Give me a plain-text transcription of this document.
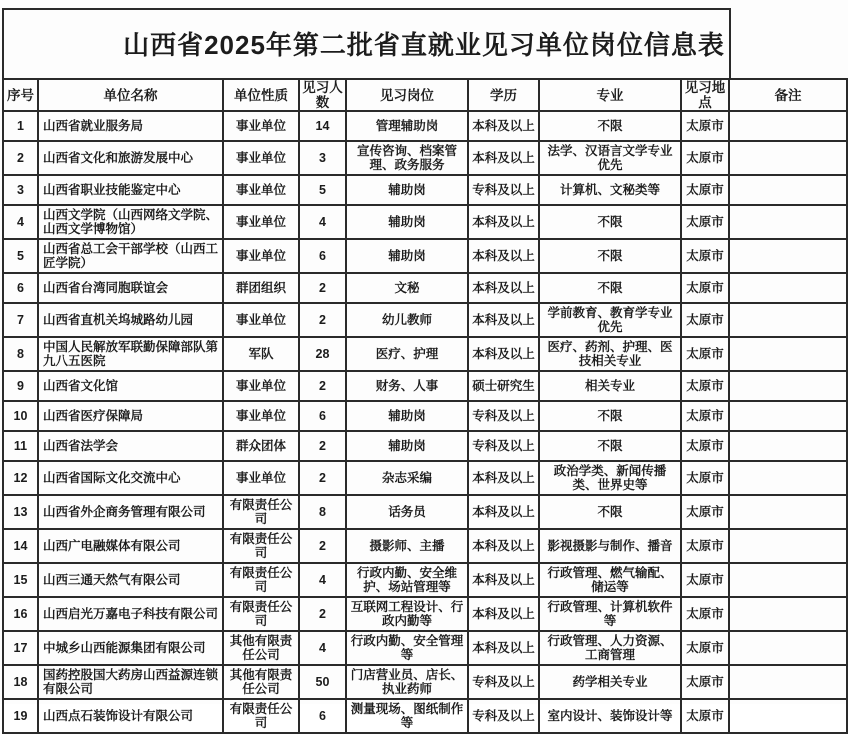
山西省2025年第二批省直就业见习单位岗位信息表
序号	单位名称	单位性质	见习人数	见习岗位	学历	专业	见习地点	备注

1	山西省就业服务局	事业单位	14	管理辅助岗	本科及以上	不限	太原市	
2	山西省文化和旅游发展中心	事业单位	3	宣传咨询、档案管理、政务服务	本科及以上	法学、汉语言文学专业优先	太原市	
3	山西省职业技能鉴定中心	事业单位	5	辅助岗	专科及以上	计算机、文秘类等	太原市	
4	山西文学院（山西网络文学院、山西文学博物馆）	事业单位	4	辅助岗	本科及以上	不限	太原市	
5	山西省总工会干部学校（山西工匠学院）	事业单位	6	辅助岗	本科及以上	不限	太原市	
6	山西省台湾同胞联谊会	群团组织	2	文秘	本科及以上	不限	太原市	
7	山西省直机关坞城路幼儿园	事业单位	2	幼儿教师	本科及以上	学前教育、教育学专业优先	太原市	
8	中国人民解放军联勤保障部队第九八五医院	军队	28	医疗、护理	本科及以上	医疗、药剂、护理、医技相关专业	太原市	
9	山西省文化馆	事业单位	2	财务、人事	硕士研究生	相关专业	太原市	
10	山西省医疗保障局	事业单位	6	辅助岗	专科及以上	不限	太原市	
11	山西省法学会	群众团体	2	辅助岗	专科及以上	不限	太原市	
12	山西省国际文化交流中心	事业单位	2	杂志采编	本科及以上	政治学类、新闻传播类、世界史等	太原市	
13	山西省外企商务管理有限公司	有限责任公司	8	话务员	本科及以上	不限	太原市	
14	山西广电融媒体有限公司	有限责任公司	2	摄影师、主播	本科及以上	影视摄影与制作、播音	太原市	
15	山西三通天然气有限公司	有限责任公司	4	行政内勤、安全维护、场站管理等	本科及以上	行政管理、燃气输配、储运等	太原市	
16	山西启光万嘉电子科技有限公司	有限责任公司	2	互联网工程设计、行政内勤等	本科及以上	行政管理、计算机软件等	太原市	
17	中城乡山西能源集团有限公司	其他有限责任公司	4	行政内勤、安全管理等	本科及以上	行政管理、人力资源、工商管理	太原市	
18	国药控股国大药房山西益源连锁有限公司	其他有限责任公司	50	门店营业员、店长、执业药师	专科及以上	药学相关专业	太原市	
19	山西点石装饰设计有限公司	有限责任公司	6	测量现场、图纸制作等	专科及以上	室内设计、装饰设计等	太原市	
